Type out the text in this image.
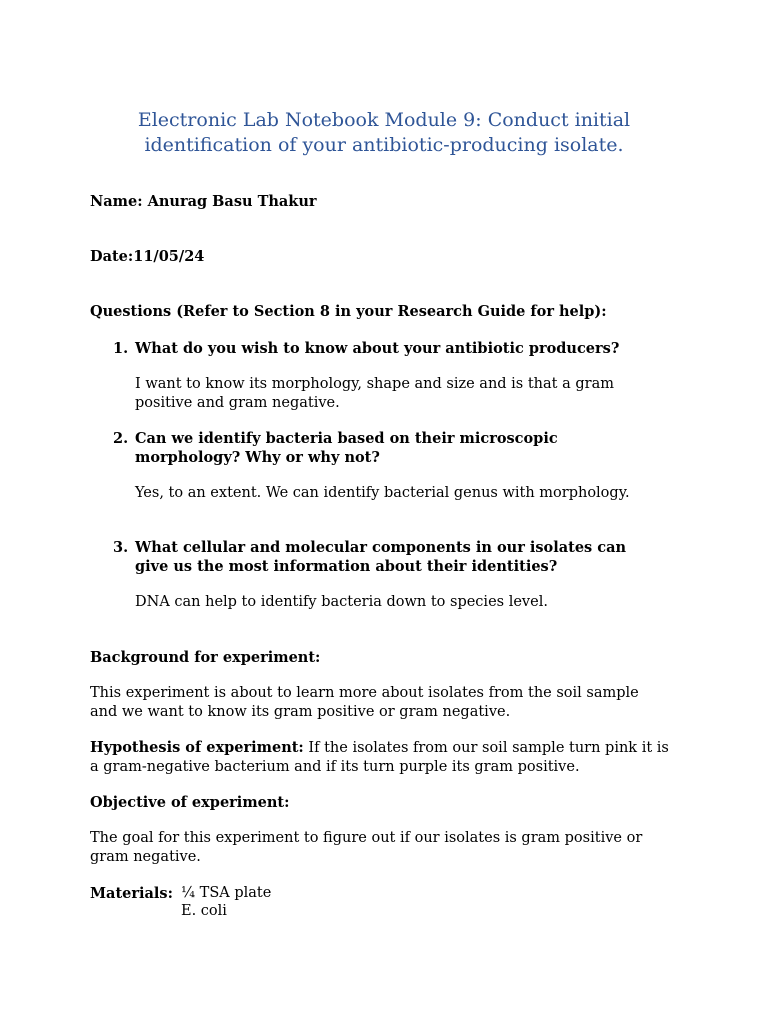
Electronic Lab Notebook Module 9: Conduct initial identification of your antibiotic-producing isolate.
Name: Anurag Basu Thakur
Date:11/05/24
Questions (Refer to Section 8 in your Research Guide for help):
1. What do you wish to know about your antibiotic producers?
I want to know its morphology, shape and size and is that a gram positive and gram negative.
2. Can we identify bacteria based on their microscopic morphology? Why or why not?
Yes, to an extent. We can identify bacterial genus with morphology.
3. What cellular and molecular components in our isolates can give us the most information about their identities?
DNA can help to identify bacteria down to species level.
Background for experiment:
This experiment is about to learn more about isolates from the soil sample and we want to know its gram positive or gram negative.
Hypothesis of experiment: If the isolates from our soil sample turn pink it is a gram-negative bacterium and if its turn purple its gram positive.
Objective of experiment:
The goal for this experiment to figure out if our isolates is gram positive or gram negative.
Materials: ¼ TSA plate
E. coli
